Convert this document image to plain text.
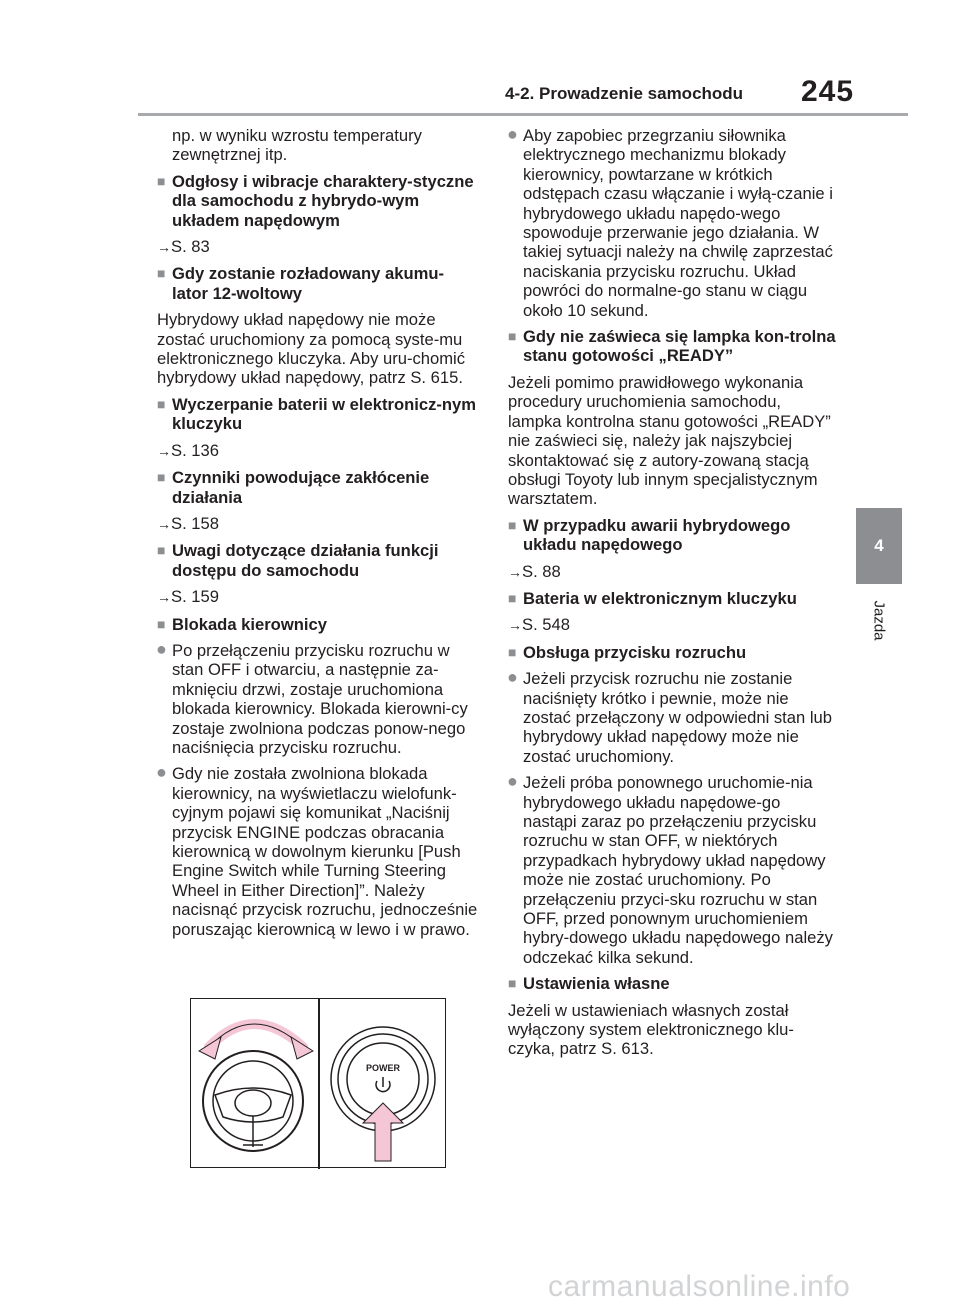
4-2. Prowadzenie samochodu 245
4
Jazda
np. w wyniku wzrostu temperatury zewnętrznej itp.
■ Odgłosy i wibracje charaktery-styczne dla samochodu z hybrydo-wym układem napędowym
→S. 83
■ Gdy zostanie rozładowany akumu-lator 12-woltowy
Hybrydowy układ napędowy nie może zostać uruchomiony za pomocą syste-mu elektronicznego kluczyka. Aby uru-chomić hybrydowy układ napędowy, patrz S. 615.
■ Wyczerpanie baterii w elektronicz-nym kluczyku
→S. 136
■ Czynniki powodujące zakłócenie działania
→S. 158
■ Uwagi dotyczące działania funkcji dostępu do samochodu
→S. 159
■ Blokada kierownicy
● Po przełączeniu przycisku rozruchu w stan OFF i otwarciu, a następnie za-mknięciu drzwi, zostaje uruchomiona blokada kierownicy. Blokada kierowni-cy zostaje zwolniona podczas ponow-nego naciśnięcia przycisku rozruchu.
● Gdy nie została zwolniona blokada kierownicy, na wyświetlaczu wielofunk-cyjnym pojawi się komunikat „Naciśnij przycisk ENGINE podczas obracania kierownicą w dowolnym kierunku [Push Engine Switch while Turning Steering Wheel in Either Direction]”. Należy nacisnąć przycisk rozruchu, jednocześnie poruszając kierownicą w lewo i w prawo.
POWER
● Aby zapobiec przegrzaniu siłownika elektrycznego mechanizmu blokady kierownicy, powtarzane w krótkich odstępach czasu włączanie i wyłą-czanie i hybrydowego układu napędo-wego spowoduje przerwanie jego działania. W takiej sytuacji należy na chwilę zaprzestać naciskania przycisku rozruchu. Układ powróci do normalne-go stanu w ciągu około 10 sekund.
■ Gdy nie zaświeca się lampka kon-trolna stanu gotowości „READY”
Jeżeli pomimo prawidłowego wykonania procedury uruchomienia samochodu, lampka kontrolna stanu gotowości „READY” nie zaświeci się, należy jak najszybciej skontaktować się z autory-zowaną stacją obsługi Toyoty lub innym specjalistycznym warsztatem.
■ W przypadku awarii hybrydowego układu napędowego
→S. 88
■ Bateria w elektronicznym kluczyku
→S. 548
■ Obsługa przycisku rozruchu
● Jeżeli przycisk rozruchu nie zostanie naciśnięty krótko i pewnie, może nie zostać przełączony w odpowiedni stan lub hybrydowy układ napędowy może nie zostać uruchomiony.
● Jeżeli próba ponownego uruchomie-nia hybrydowego układu napędowe-go nastąpi zaraz po przełączeniu przycisku rozruchu w stan OFF, w niektórych przypadkach hybrydowy układ napędowy może nie zostać uruchomiony. Po przełączeniu przyci-sku rozruchu w stan OFF, przed ponownym uruchomieniem hybry-dowego układu napędowego należy odczekać kilka sekund.
■ Ustawienia własne
Jeżeli w ustawieniach własnych został wyłączony system elektronicznego klu-czyka, patrz S. 613.
carmanualsonline.info
